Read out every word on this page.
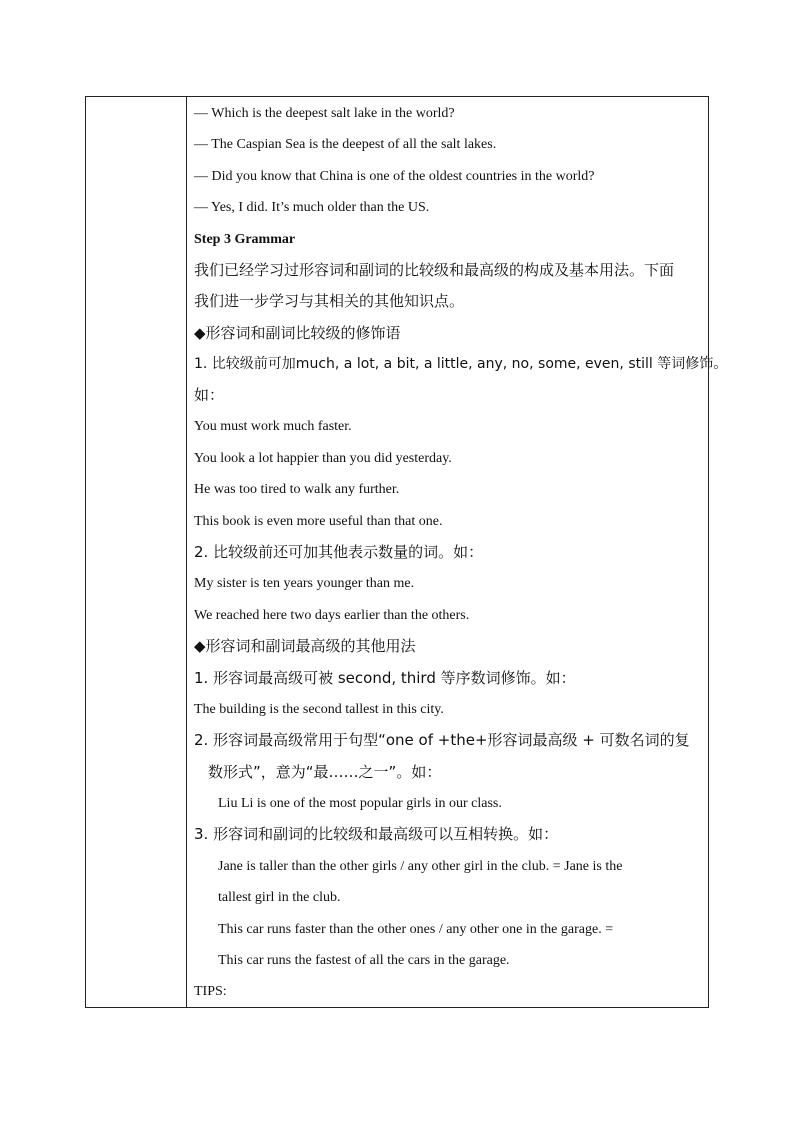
— Which is the deepest salt lake in the world?
— The Caspian Sea is the deepest of all the salt lakes.
— Did you know that China is one of the oldest countries in the world?
— Yes, I did. It’s much older than the US.
Step 3 Grammar
我们已经学习过形容词和副词的比较级和最高级的构成及基本用法。下面
我们进一步学习与其相关的其他知识点。
◆形容词和副词比较级的修饰语
1. 比较级前可加much, a lot, a bit, a little, any, no, some, even, still 等词修饰。
如：
You must work much faster.
You look a lot happier than you did yesterday.
He was too tired to walk any further.
This book is even more useful than that one.
2. 比较级前还可加其他表示数量的词。如：
My sister is ten years younger than me.
We reached here two days earlier than the others.
◆形容词和副词最高级的其他用法
1. 形容词最高级可被 second, third 等序数词修饰。如：
The building is the second tallest in this city.
2. 形容词最高级常用于句型“one of +the+形容词最高级 + 可数名词的复
数形式”，意为“最……之一”。如：
Liu Li is one of the most popular girls in our class.
3. 形容词和副词的比较级和最高级可以互相转换。如：
Jane is taller than the other girls / any other girl in the club. = Jane is the
tallest girl in the club.
This car runs faster than the other ones / any other one in the garage. =
This car runs the fastest of all the cars in the garage.
TIPS:
